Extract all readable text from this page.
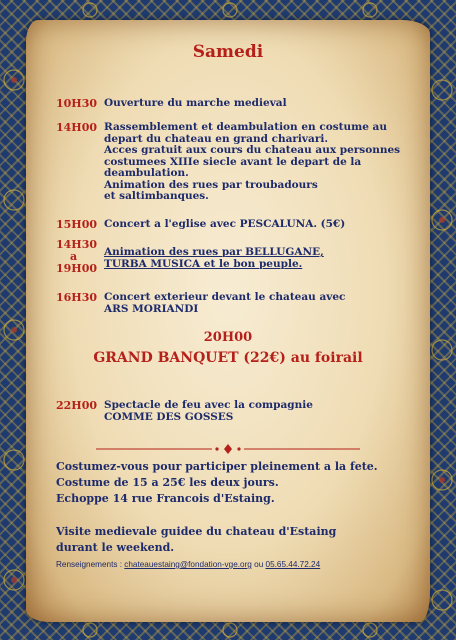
Samedi
10H30 Ouverture du marche medieval
14H00 Rassemblement et deambulation en costume au
depart du chateau en grand charivari.
Acces gratuit aux cours du chateau aux personnes
costumees XIIIe siecle avant le depart de la
deambulation.
Animation des rues par troubadours
et saltimbanques.
15H00 Concert a l'eglise avec PESCALUNA. (5€)
14H30
a
19H00
Animation des rues par BELLUGANE,
TURBA MUSICA et le bon peuple.
16H30 Concert exterieur devant le chateau avec
ARS MORIANDI
20H00
GRAND BANQUET (22€) au foirail
22H00 Spectacle de feu avec la compagnie
COMME DES GOSSES
Costumez-vous pour participer pleinement a la fete.
Costume de 15 a 25€ les deux jours.
Echoppe 14 rue Francois d'Estaing.
Visite medievale guidee du chateau d'Estaing
durant le weekend.
Renseignements : chateauestaing@fondation-vge.org ou 05.65.44.72.24
